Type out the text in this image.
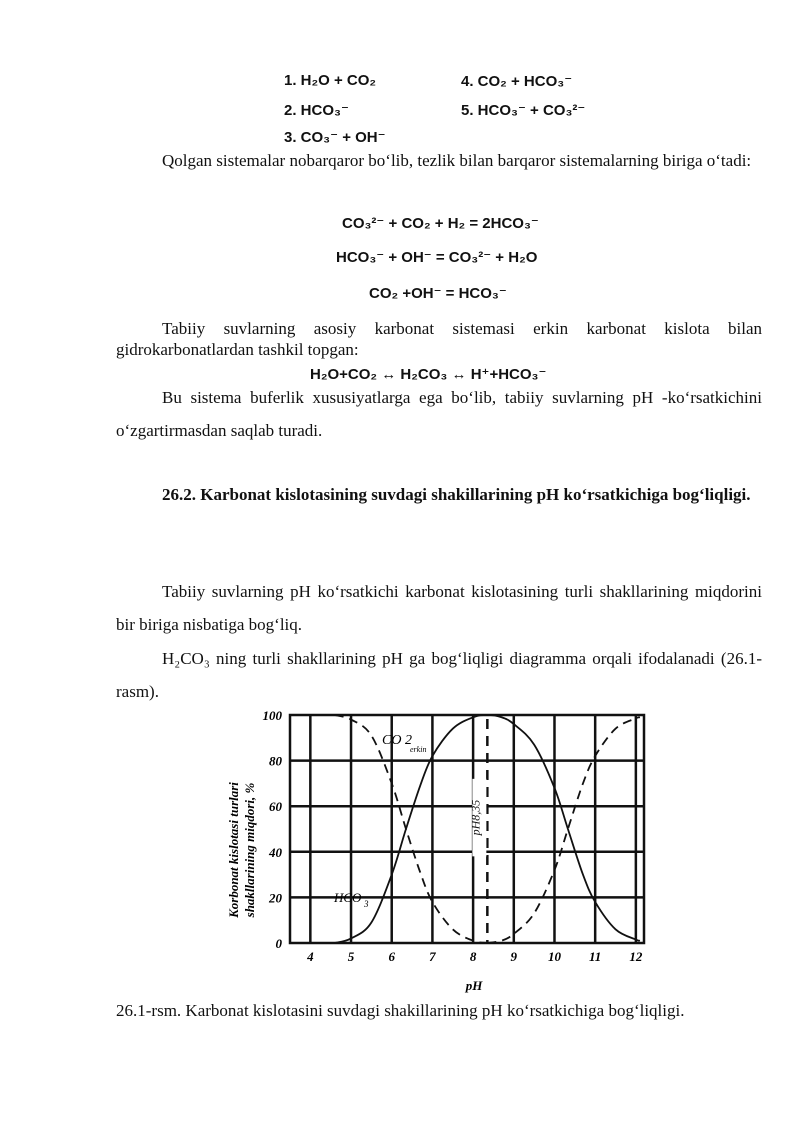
1. H₂O + CO₂
2. HCO₃⁻
3. CO₃⁻ + OH⁻
4. CO₂ + HCO₃⁻
5. HCO₃⁻ + CO₃²⁻
Qolgan sistemalar nobarqaror bo‘lib, tezlik bilan barqaror sistemalarning biriga o‘tadi:
CO₃²⁻ + CO₂ + H₂ = 2HCO₃⁻
HCO₃⁻ + OH⁻ = CO₃²⁻ + H₂O
CO₂ +OH⁻ = HCO₃⁻
Tabiiy suvlarning asosiy karbonat sistemasi erkin karbonat kislota bilan gidrokarbonatlardan tashkil topgan:
H₂O+CO₂ ↔ H₂CO₃ ↔ H⁺+HCO₃⁻
Bu sistema buferlik xususiyatlarga ega bo‘lib, tabiiy suvlarning pH -ko‘rsatkichini o‘zgartirmasdan saqlab turadi.
26.2. Karbonat kislotasining suvdagi shakillarining pH ko‘rsatkichiga bog‘liqligi.
Tabiiy suvlarning pH ko‘rsatkichi karbonat kislotasining turli shakllarining miqdorini bir biriga nisbatiga bog‘liq.
H₂CO₃ ning turli shakllarining pH ga bog‘liqligi diagramma orqali ifodalanadi (26.1-rasm).
Korbonat kislotasi turlari shakllarining miqdori, %
pH
CO 2
erkin
HCO 3
0
20
40
60
80
100
4	5	6	7	8	9 10 11 12
pH8,35
26.1-rsm. Karbonat kislotasini suvdagi shakillarining pH ko‘rsatkichiga bog‘liqligi.
